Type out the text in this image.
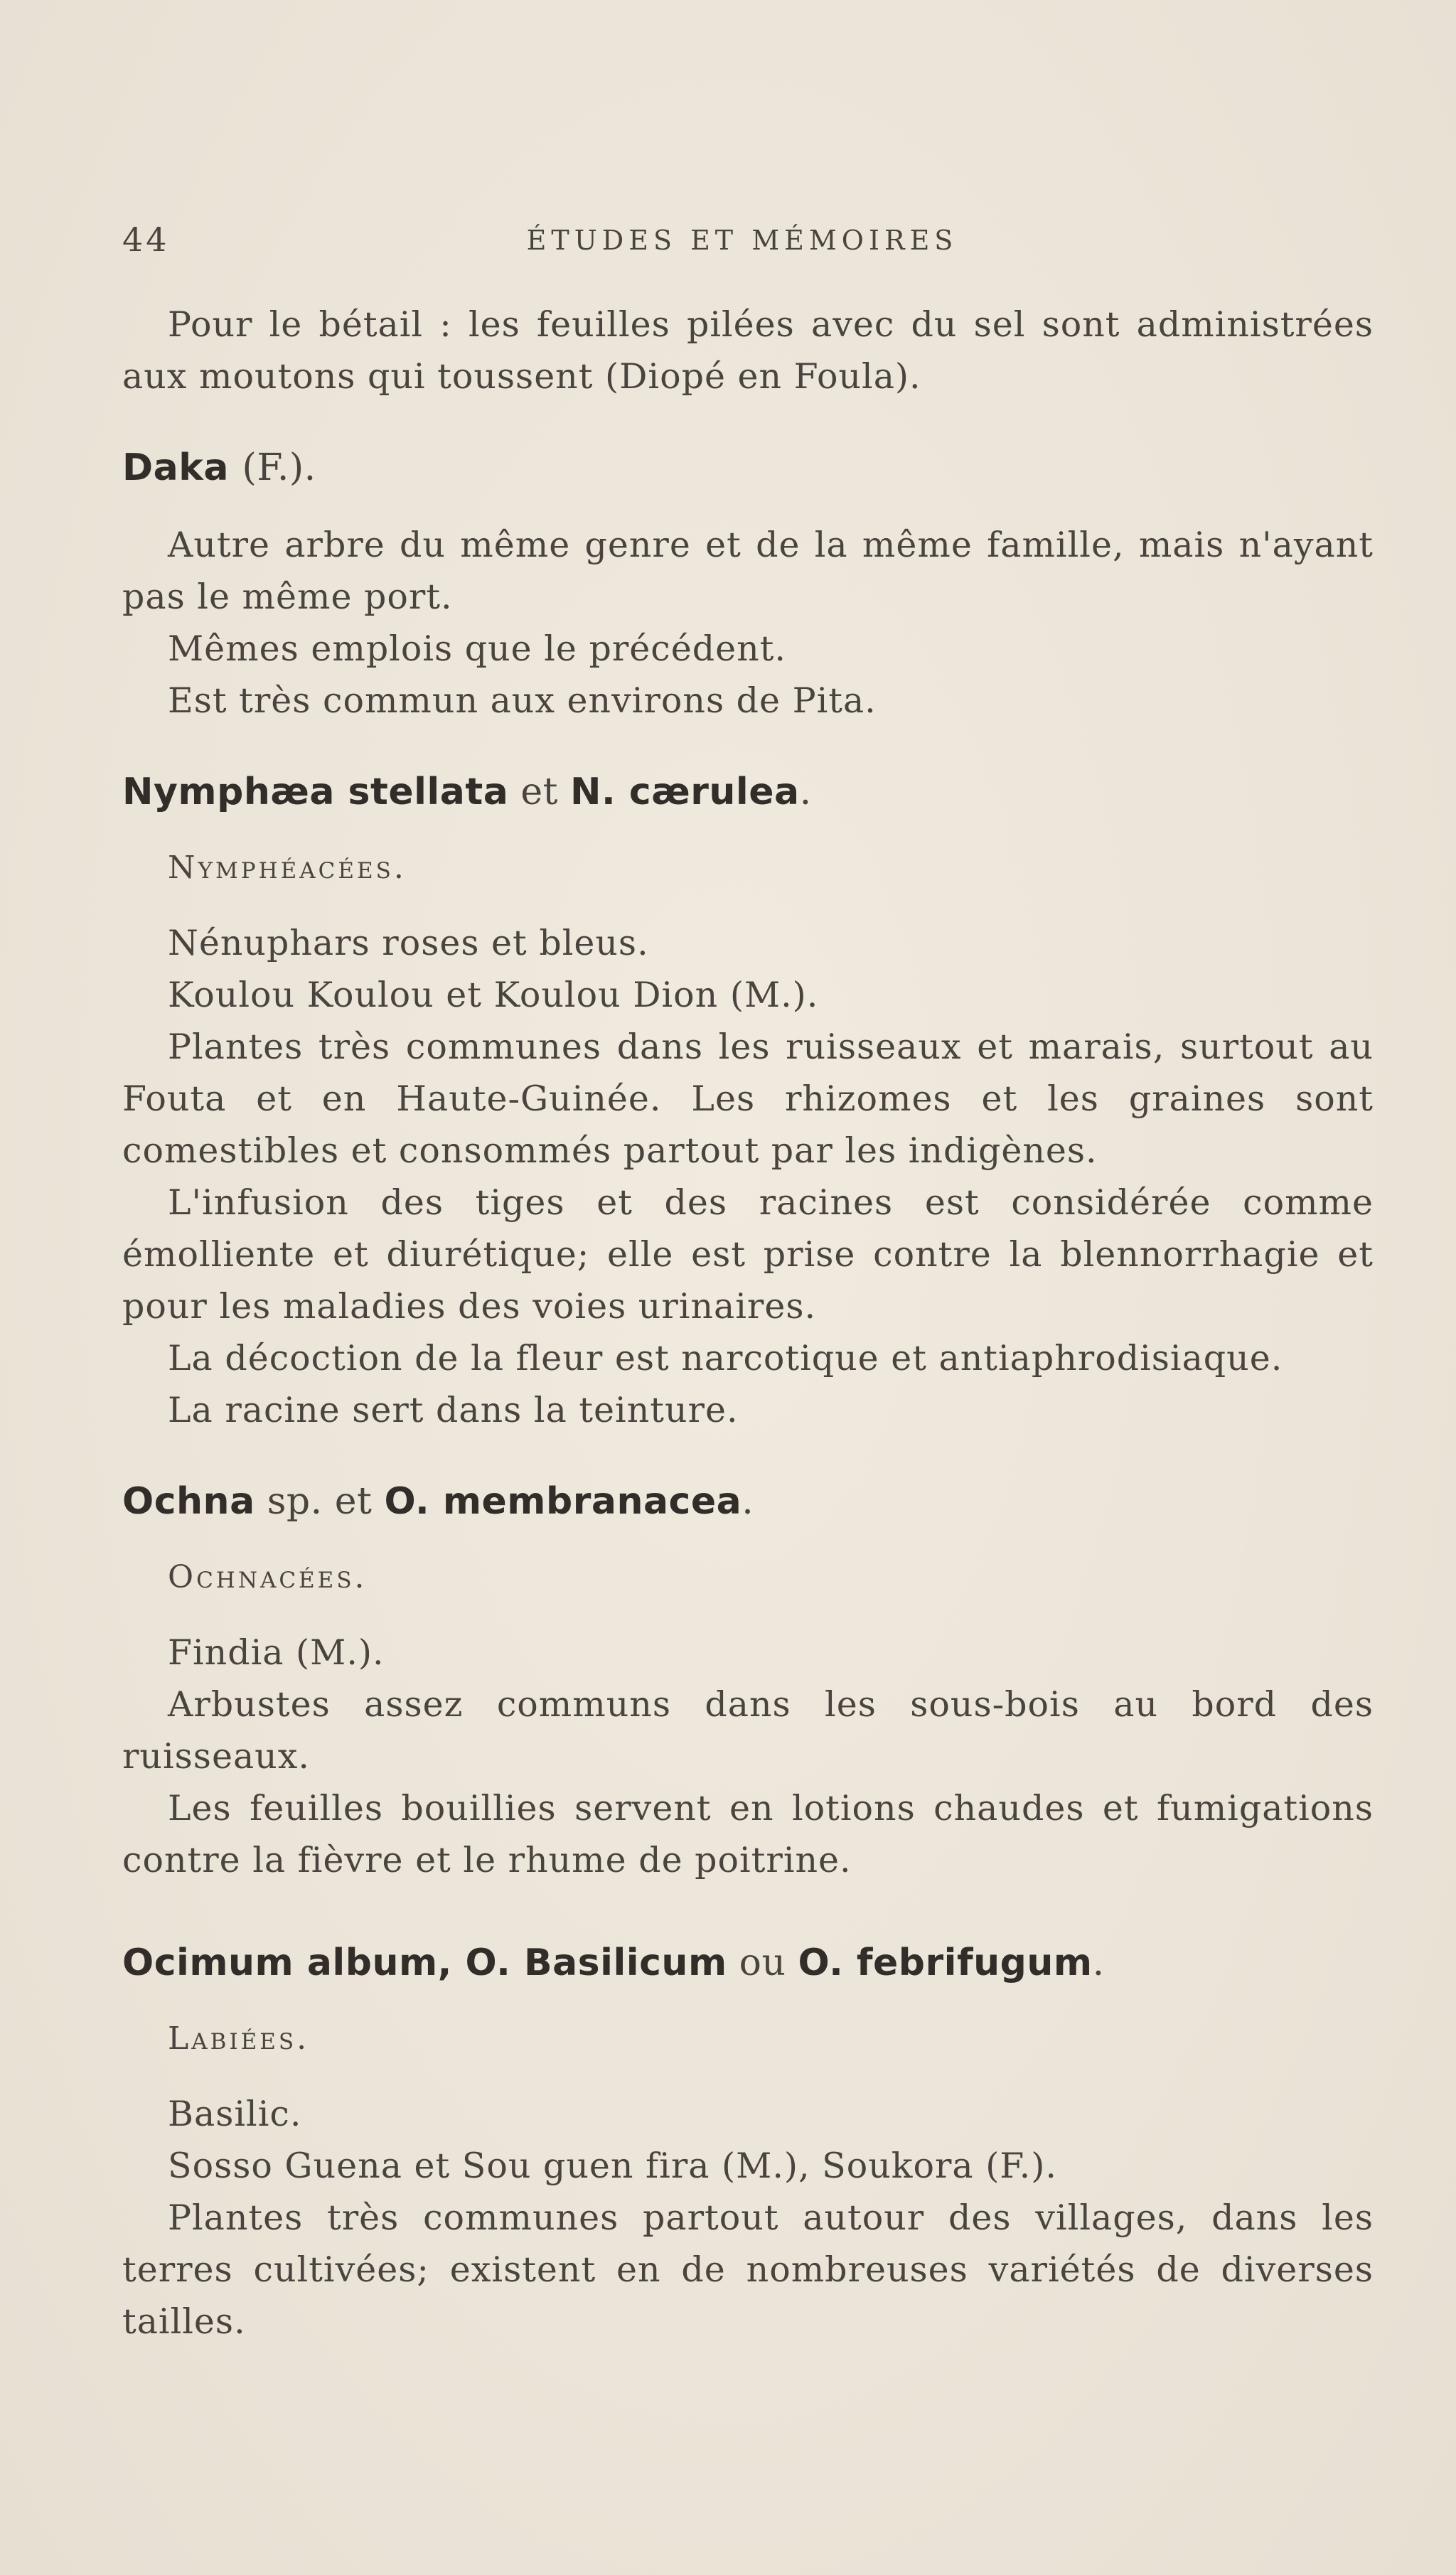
44	ÉTUDES ET MÉMOIRES

Pour le bétail : les feuilles pilées avec du sel sont administrées aux moutons qui toussent (Diopé en Foula).

Daka (F.).

Autre arbre du même genre et de la même famille, mais n'ayant pas le même port.

Mêmes emplois que le précédent.

Est très commun aux environs de Pita.

Nymphæa stellata et N. cærulea.

Nymphéacées.

Nénuphars roses et bleus.

Koulou Koulou et Koulou Dion (M.).

Plantes très communes dans les ruisseaux et marais, surtout au Fouta et en Haute-Guinée. Les rhizomes et les graines sont comestibles et consommés partout par les indigènes.

L'infusion des tiges et des racines est considérée comme émolliente et diurétique; elle est prise contre la blennorrhagie et pour les maladies des voies urinaires.

La décoction de la fleur est narcotique et antiaphrodisiaque.

La racine sert dans la teinture.

Ochna sp. et O. membranacea.

Ochnacées.

Findia (M.).

Arbustes assez communs dans les sous-bois au bord des ruisseaux.

Les feuilles bouillies servent en lotions chaudes et fumigations contre la fièvre et le rhume de poitrine.

Ocimum album, O. Basilicum ou O. febrifugum.

Labiées.

Basilic.

Sosso Guena et Sou guen fira (M.), Soukora (F.).

Plantes très communes partout autour des villages, dans les terres cultivées; existent en de nombreuses variétés de diverses tailles.
